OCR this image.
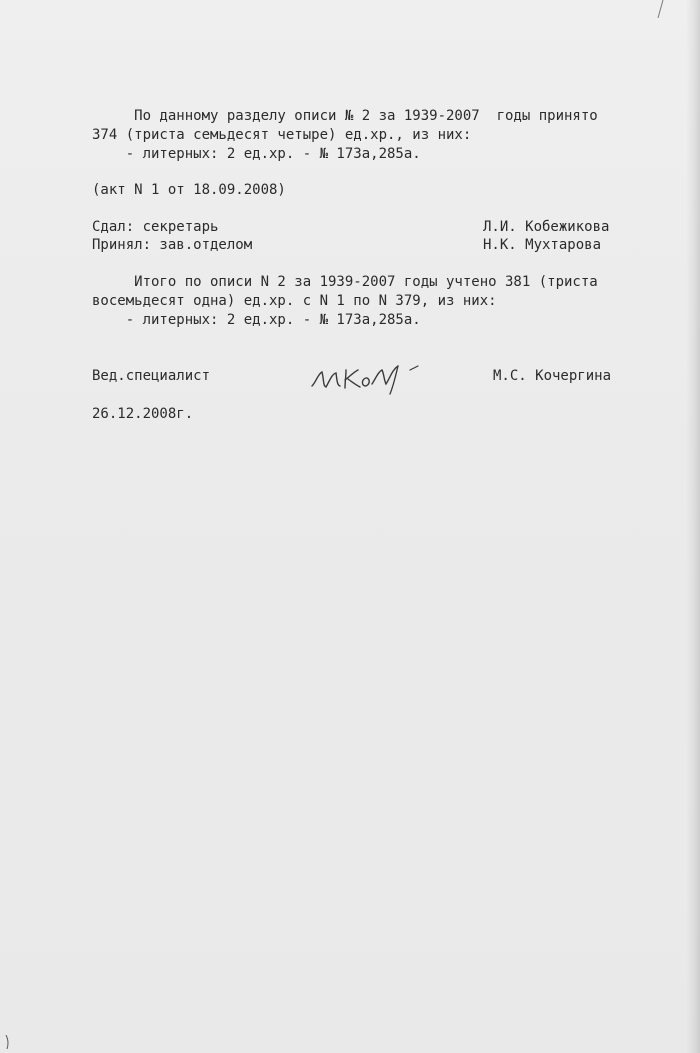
По данному разделу описи № 2 за 1939-2007  годы принято

374 (триста семьдесят четыре) ед.хр., из них:

- литерных: 2 ед.хр. - № 173а,285а.

(акт N 1 от 18.09.2008)

Сдал: секретарь	Л.И. Кобежикова

Принял: зав.отделом	Н.К. Мухтарова

Итого по описи N 2 за 1939-2007 годы учтено 381 (триста

восемьдесят одна) ед.хр. с N 1 по N 379, из них:

- литерных: 2 ед.хр. - № 173а,285а.

Вед.специалист	М.С. Кочергина

26.12.2008г.
